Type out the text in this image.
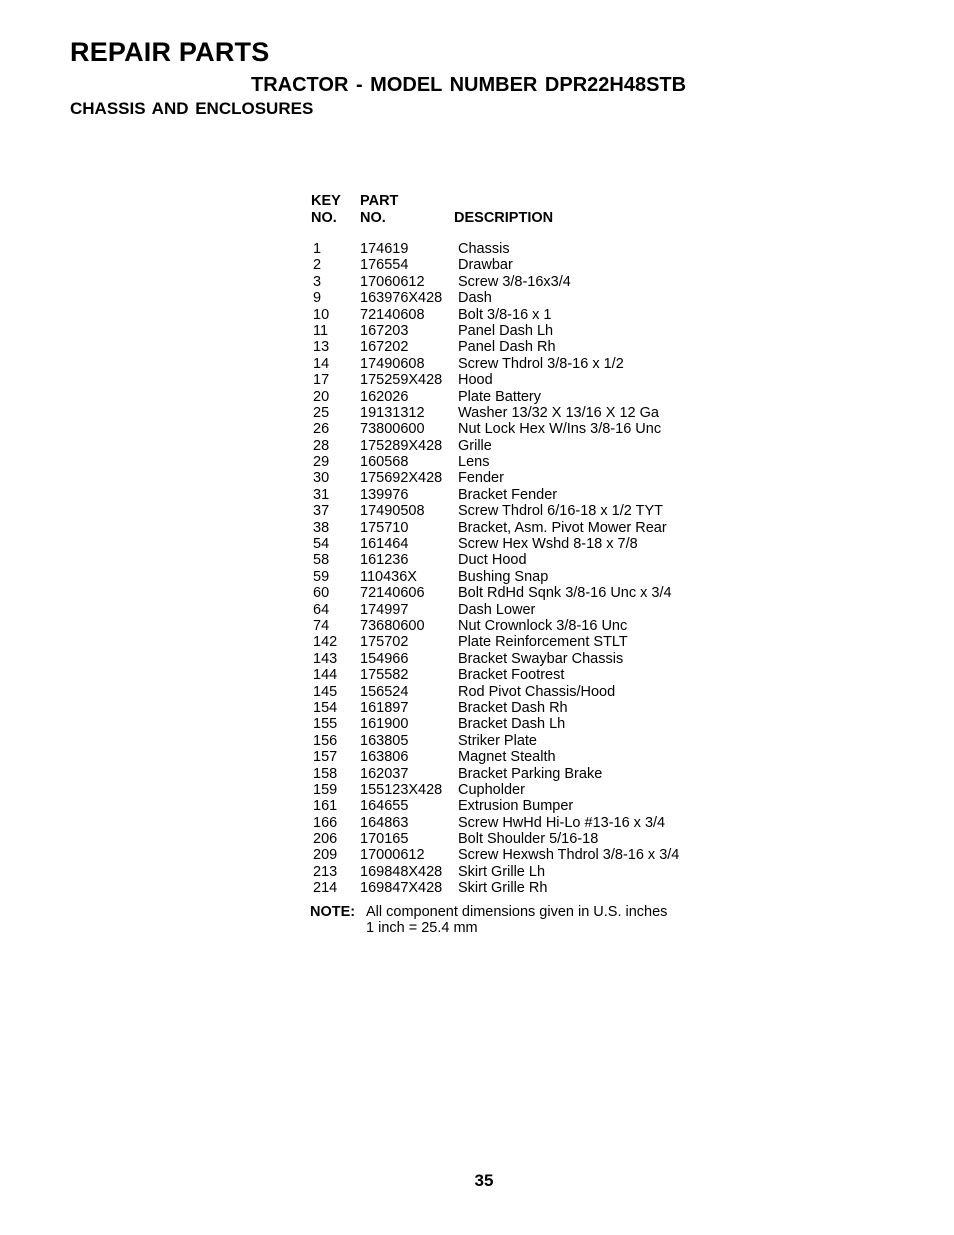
REPAIR PARTS
TRACTOR - MODEL NUMBER DPR22H48STB
CHASSIS AND ENCLOSURES
KEY
NO.
PART
NO.	DESCRIPTION
1	174619	Chassis
2	176554	Drawbar
3	17060612 Screw 3/8-16x3/4
9	163976X428 Dash
10 72140608 Bolt 3/8-16 x 1
11 167203	Panel Dash Lh
13 167202	Panel Dash Rh
14 17490608 Screw Thdrol 3/8-16 x 1/2
17 175259X428 Hood
20 162026	Plate Battery
25 19131312 Washer 13/32 X 13/16 X 12 Ga
26 73800600 Nut Lock Hex W/Ins 3/8-16 Unc
28 175289X428 Grille
29 160568	Lens
30 175692X428 Fender
31 139976	Bracket Fender
37 17490508 Screw Thdrol 6/16-18 x 1/2 TYT
38 175710	Bracket, Asm. Pivot Mower Rear
54 161464	Screw Hex Wshd 8-18 x 7/8
58 161236	Duct Hood
59 110436X	Bushing Snap
60 72140606 Bolt RdHd Sqnk 3/8-16 Unc x 3/4
64 174997	Dash Lower
74 73680600 Nut Crownlock 3/8-16 Unc
142 175702	Plate Reinforcement STLT
143 154966	Bracket Swaybar Chassis
144 175582	Bracket Footrest
145 156524	Rod Pivot Chassis/Hood
154 161897	Bracket Dash Rh
155 161900	Bracket Dash Lh
156 163805	Striker Plate
157 163806	Magnet Stealth
158 162037	Bracket Parking Brake
159 155123X428 Cupholder
161 164655	Extrusion Bumper
166 164863	Screw HwHd Hi-Lo #13-16 x 3/4
206 170165	Bolt Shoulder 5/16-18
209 17000612 Screw Hexwsh Thdrol 3/8-16 x 3/4
213 169848X428 Skirt Grille Lh
214 169847X428 Skirt Grille Rh
NOTE: All component dimensions given in U.S. inches
1 inch = 25.4 mm
35
